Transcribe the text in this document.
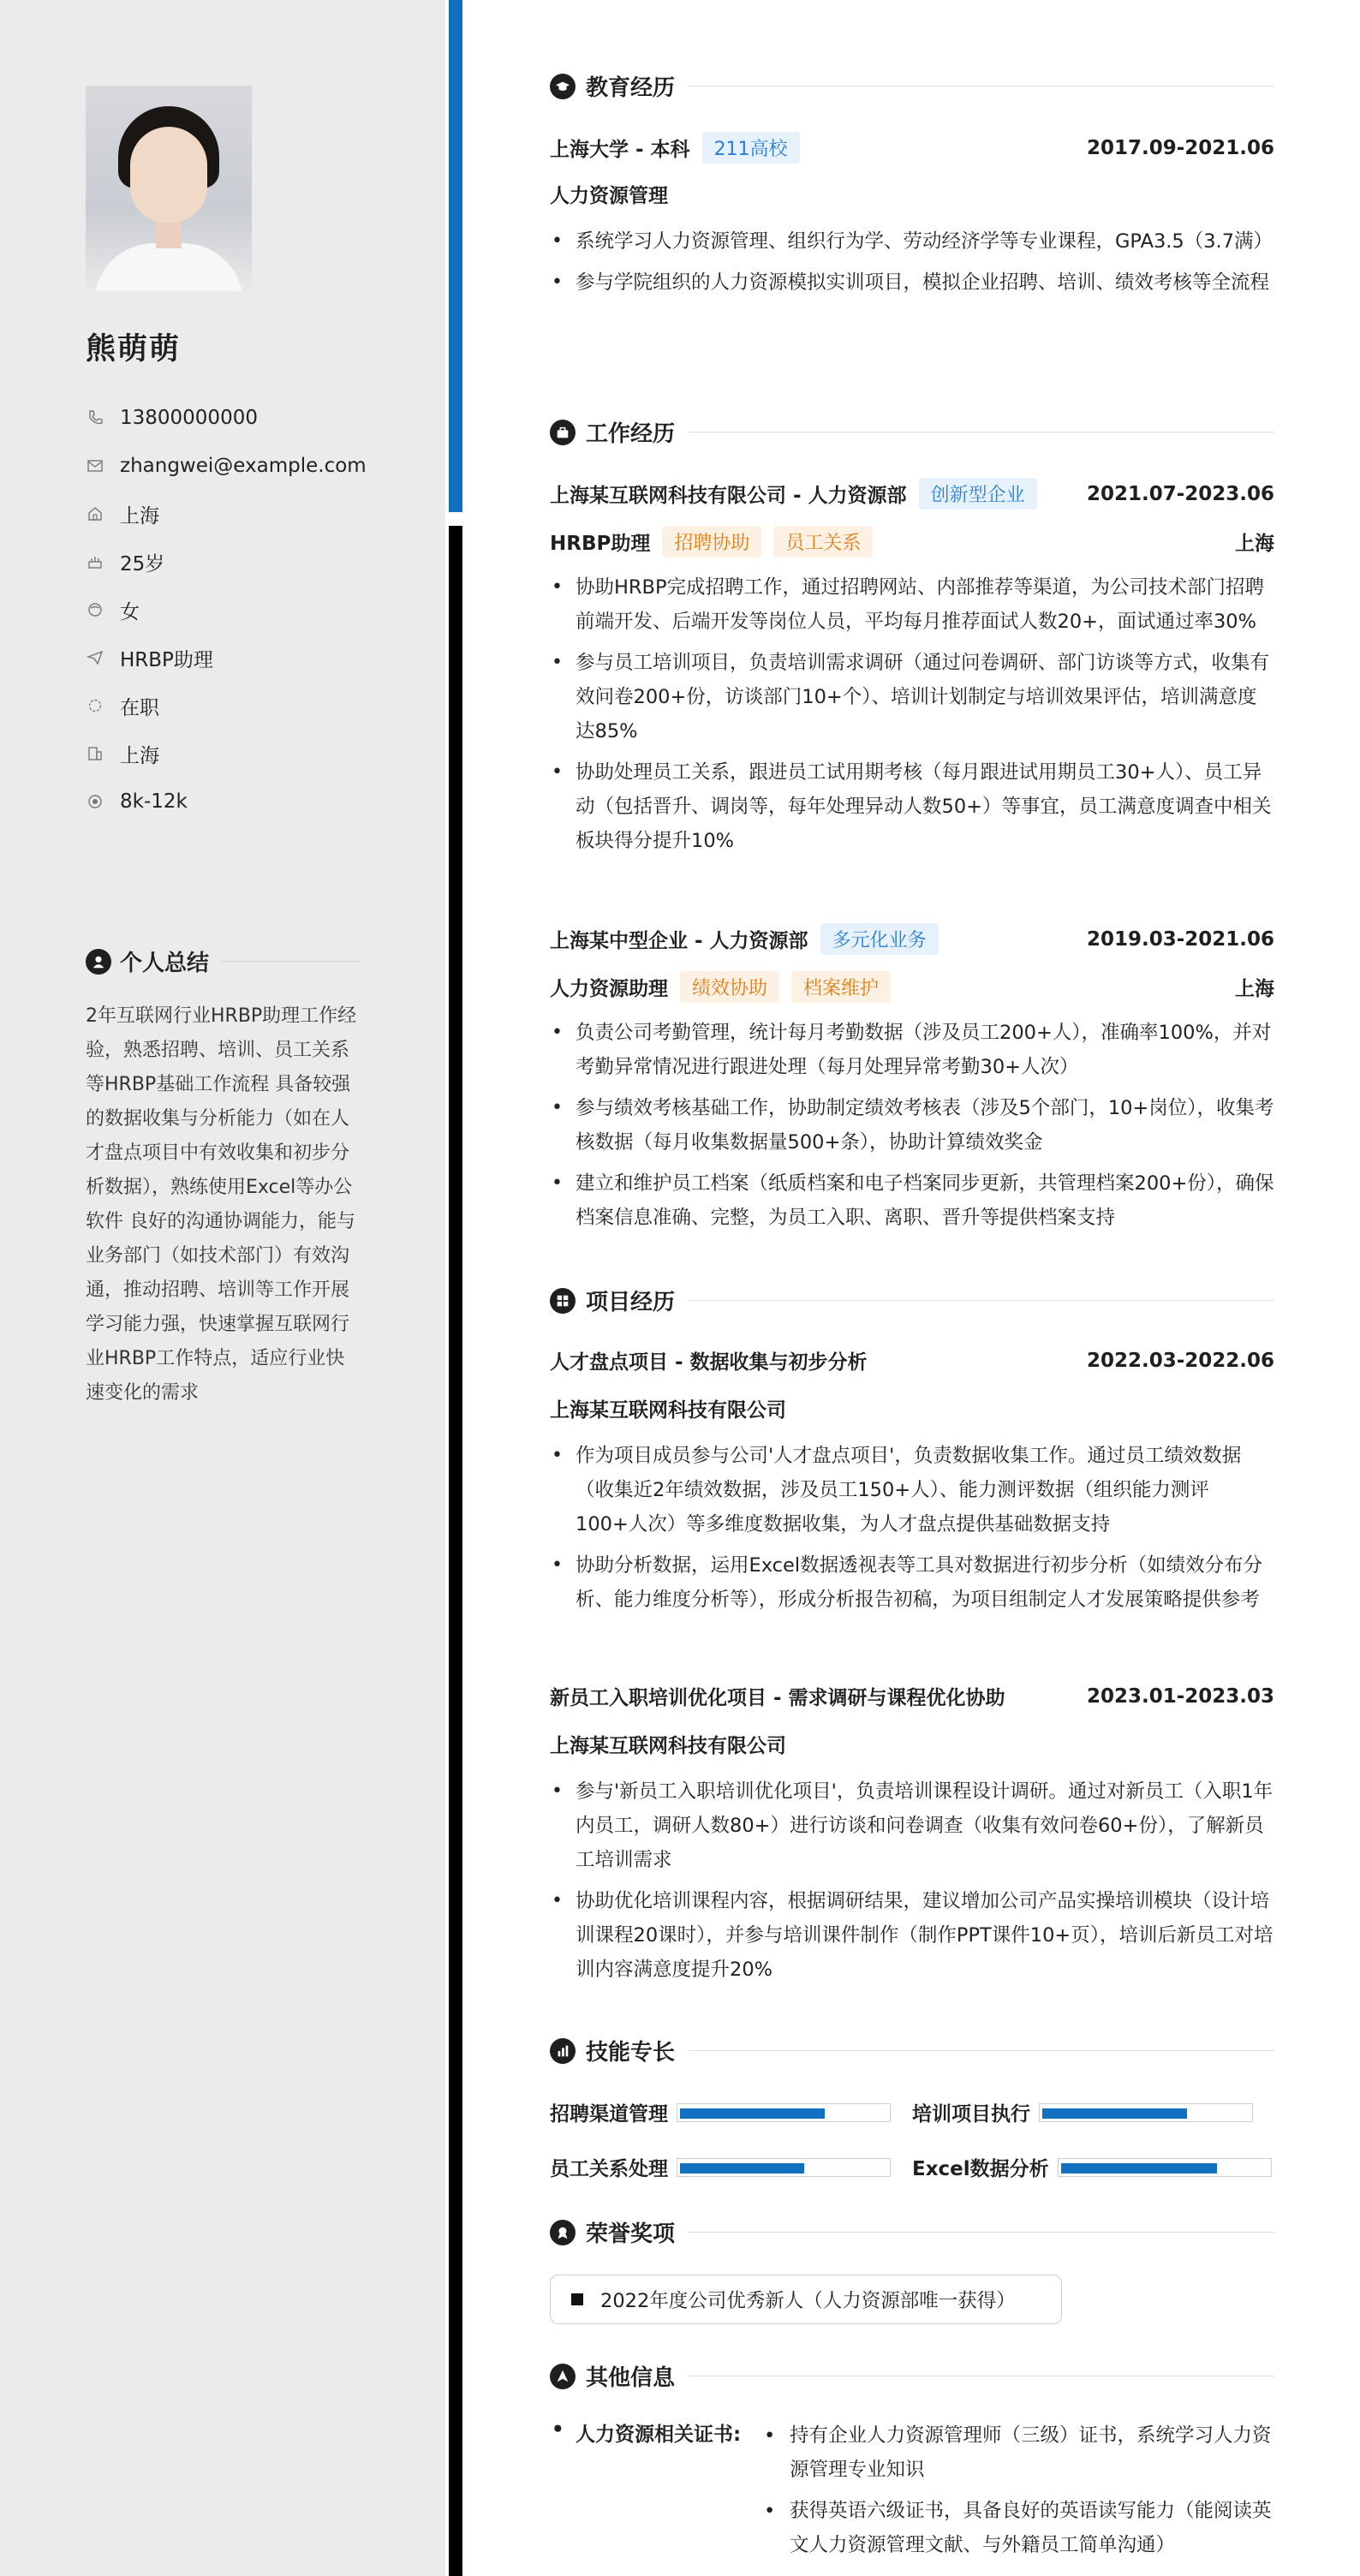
熊萌萌
13800000000
zhangwei@example.com
上海
25岁
女
HRBP助理
在职
上海
8k-12k
个人总结
2年互联网行业HRBP助理工作经验，熟悉招聘、培训、员工关系等HRBP基础工作流程 具备较强的数据收集与分析能力（如在人才盘点项目中有效收集和初步分析数据），熟练使用Excel等办公软件 良好的沟通协调能力，能与业务部门（如技术部门）有效沟通，推动招聘、培训等工作开展 学习能力强，快速掌握互联网行业HRBP工作特点，适应行业快速变化的需求
教育经历
上海大学 - 本科	211高校	2017.09-2021.06
人力资源管理
• 系统学习人力资源管理、组织行为学、劳动经济学等专业课程，GPA3.5（3.7满）
• 参与学院组织的人力资源模拟实训项目，模拟企业招聘、培训、绩效考核等全流程
工作经历
上海某互联网科技有限公司 - 人力资源部	创新型企业	2021.07-2023.06
HRBP助理	招聘协助	员工关系	上海
• 协助HRBP完成招聘工作，通过招聘网站、内部推荐等渠道，为公司技术部门招聘前端开发、后端开发等岗位人员，平均每月推荐面试人数20+，面试通过率30%
• 参与员工培训项目，负责培训需求调研（通过问卷调研、部门访谈等方式，收集有效问卷200+份，访谈部门10+个）、培训计划制定与培训效果评估，培训满意度达85%
• 协助处理员工关系，跟进员工试用期考核（每月跟进试用期员工30+人）、员工异动（包括晋升、调岗等，每年处理异动人数50+）等事宜，员工满意度调查中相关板块得分提升10%
上海某中型企业 - 人力资源部	多元化业务	2019.03-2021.06
人力资源助理	绩效协助	档案维护	上海
• 负责公司考勤管理，统计每月考勤数据（涉及员工200+人），准确率100%，并对考勤异常情况进行跟进处理（每月处理异常考勤30+人次）
• 参与绩效考核基础工作，协助制定绩效考核表（涉及5个部门，10+岗位），收集考核数据（每月收集数据量500+条），协助计算绩效奖金
• 建立和维护员工档案（纸质档案和电子档案同步更新，共管理档案200+份），确保档案信息准确、完整，为员工入职、离职、晋升等提供档案支持
项目经历
人才盘点项目 - 数据收集与初步分析	2022.03-2022.06
上海某互联网科技有限公司
• 作为项目成员参与公司'人才盘点项目'，负责数据收集工作。通过员工绩效数据（收集近2年绩效数据，涉及员工150+人）、能力测评数据（组织能力测评100+人次）等多维度数据收集，为人才盘点提供基础数据支持
• 协助分析数据，运用Excel数据透视表等工具对数据进行初步分析（如绩效分布分析、能力维度分析等），形成分析报告初稿，为项目组制定人才发展策略提供参考
新员工入职培训优化项目 - 需求调研与课程优化协助	2023.01-2023.03
上海某互联网科技有限公司
• 参与'新员工入职培训优化项目'，负责培训课程设计调研。通过对新员工（入职1年内员工，调研人数80+）进行访谈和问卷调查（收集有效问卷60+份），了解新员工培训需求
• 协助优化培训课程内容，根据调研结果，建议增加公司产品实操培训模块（设计培训课程20课时），并参与培训课件制作（制作PPT课件10+页），培训后新员工对培训内容满意度提升20%
技能专长
招聘渠道管理	培训项目执行
员工关系处理	Excel数据分析
荣誉奖项
2022年度公司优秀新人（人力资源部唯一获得）
其他信息
• 人力资源相关证书:
•	持有企业人力资源管理师（三级）证书，系统学习人力资源管理专业知识
• 获得英语六级证书，具备良好的英语读写能力（能阅读英文人力资源管理文献、与外籍员工简单沟通）
